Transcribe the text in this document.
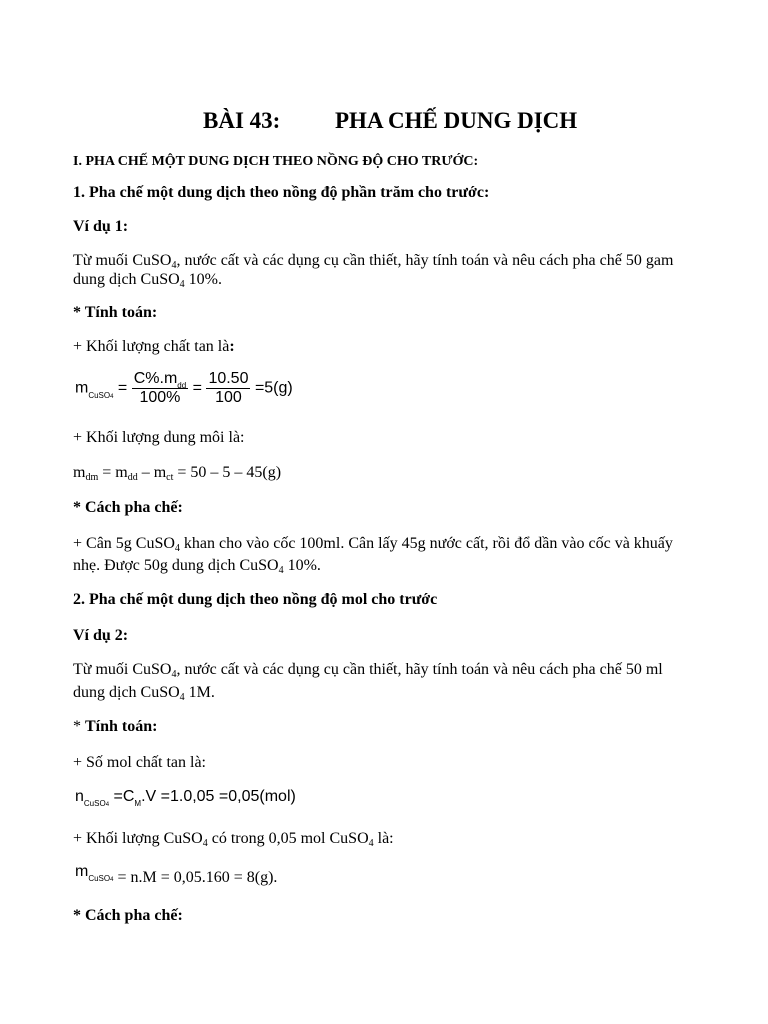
BÀI 43: PHA CHẾ DUNG DỊCH
I. PHA CHẾ MỘT DUNG DỊCH THEO NỒNG ĐỘ CHO TRƯỚC:
1. Pha chế một dung dịch theo nồng độ phần trăm cho trước:
Ví dụ 1:
Từ muối CuSO$_4$, nước cất và các dụng cụ cần thiết, hãy tính toán và nêu cách pha chế 50 gam
dung dịch CuSO$_4$ 10%.
* Tính toán:
+ Khối lượng chất tan là:
$m_{CuSO4} = \frac{C\%.m_{dd}}{100\%} = \frac{10.50}{100} =5(g)$
+ Khối lượng dung môi là:
$m_{dm} = m_{dd} - m_{ct} = 50 - 5 - 45(g)$
* Cách pha chế:
+ Cân 5g CuSO$_4$ khan cho vào cốc 100ml. Cân lấy 45g nước cất, rồi đổ dần vào cốc và khuấy
nhẹ. Được 50g dung dịch CuSO$_4$ 10%.
2. Pha chế một dung dịch theo nồng độ mol cho trước
Ví dụ 2:
Từ muối CuSO$_4$, nước cất và các dụng cụ cần thiết, hãy tính toán và nêu cách pha chế 50 ml
dung dịch CuSO$_4$ 1M.
* Tính toán:
+ Số mol chất tan là:
$n_{CuSO4} =C_M.V =1.0,05 =0,05(mol)$
+ Khối lượng CuSO$_4$ có trong 0,05 mol CuSO$_4$ là:
$m_{CuSO4} = n.M = 0,05.160 = 8(g)$.
* Cách pha chế:
